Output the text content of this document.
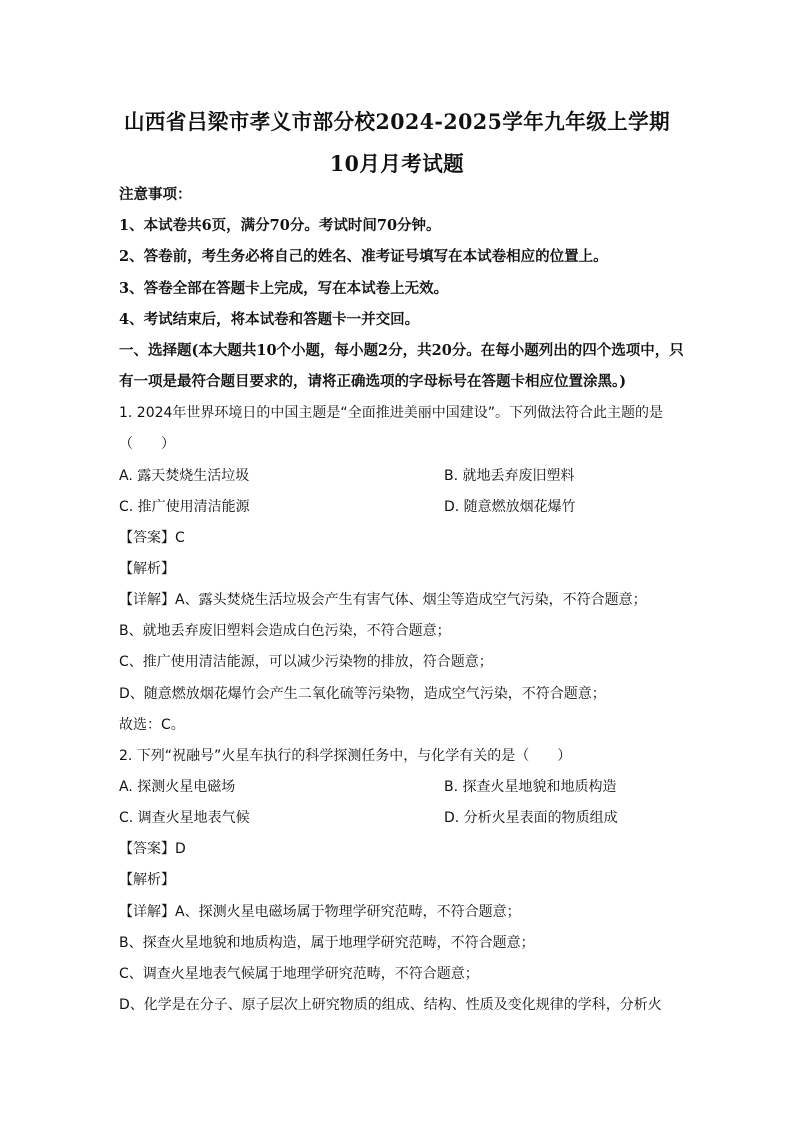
山西省吕梁市孝义市部分校2024-2025学年九年级上学期
10月月考试题
注意事项：
1、本试卷共6页，满分70分。考试时间70分钟。
2、答卷前，考生务必将自己的姓名、准考证号填写在本试卷相应的位置上。
3、答卷全部在答题卡上完成，写在本试卷上无效。
4、考试结束后，将本试卷和答题卡一并交回。
一、选择题(本大题共10个小题，每小题2分，共20分。在每小题列出的四个选项中，只
有一项是最符合题目要求的，请将正确选项的字母标号在答题卡相应位置涂黑。)
1. 2024年世界环境日的中国主题是“全面推进美丽中国建设”。下列做法符合此主题的是
（　　）
A. 露天焚烧生活垃圾	B. 就地丢弃废旧塑料
C. 推广使用清洁能源	D. 随意燃放烟花爆竹
【答案】C
【解析】
【详解】A、露头焚烧生活垃圾会产生有害气体、烟尘等造成空气污染，不符合题意；
B、就地丢弃废旧塑料会造成白色污染，不符合题意；
C、推广使用清洁能源，可以减少污染物的排放，符合题意；
D、随意燃放烟花爆竹会产生二氧化硫等污染物，造成空气污染，不符合题意；
故选：C。
2. 下列“祝融号”火星车执行的科学探测任务中，与化学有关的是（　　）
A. 探测火星电磁场	B. 探查火星地貌和地质构造
C. 调查火星地表气候	D. 分析火星表面的物质组成
【答案】D
【解析】
【详解】A、探测火星电磁场属于物理学研究范畴，不符合题意；
B、探查火星地貌和地质构造，属于地理学研究范畴，不符合题意；
C、调查火星地表气候属于地理学研究范畴，不符合题意；
D、化学是在分子、原子层次上研究物质的组成、结构、性质及变化规律的学科，分析火
